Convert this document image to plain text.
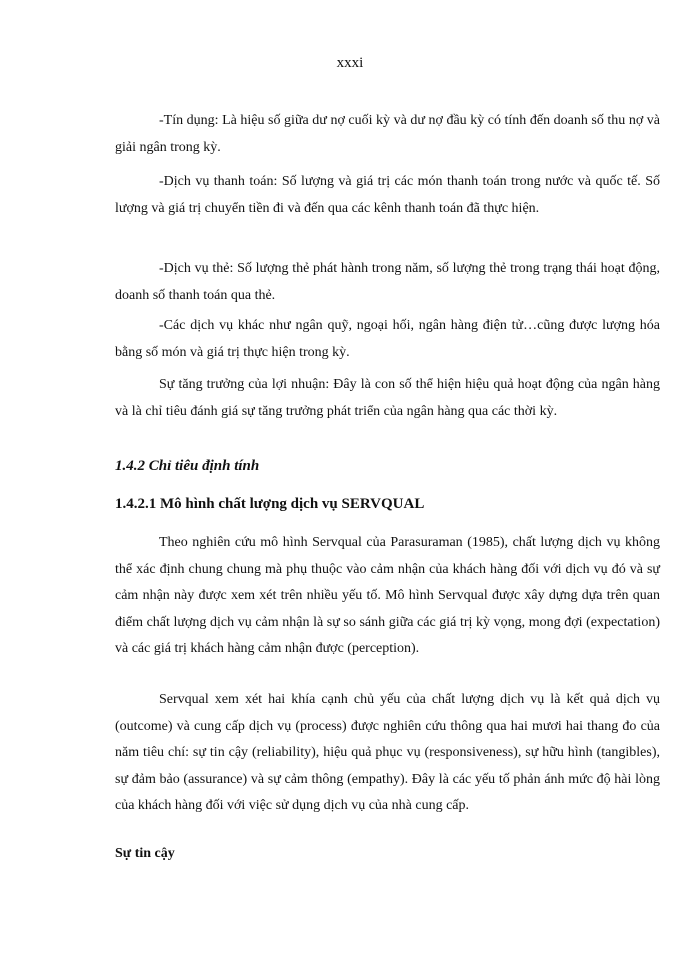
xxxi

-Tín dụng: Là hiệu số giữa dư nợ cuối kỳ và dư nợ đầu kỳ có tính đến doanh số thu nợ và giải ngân trong kỳ.

-Dịch vụ thanh toán: Số lượng và giá trị các món thanh toán trong nước và quốc tế. Số lượng và giá trị chuyển tiền đi và đến qua các kênh thanh toán đã thực hiện.

-Dịch vụ thẻ: Số lượng thẻ phát hành trong năm, số lượng thẻ trong trạng thái hoạt động, doanh số thanh toán qua thẻ.

-Các dịch vụ khác như ngân quỹ, ngoại hối, ngân hàng điện tử…cũng được lượng hóa bằng số món và giá trị thực hiện trong kỳ.

Sự tăng trưởng của lợi nhuận: Đây là con số thể hiện hiệu quả hoạt động của ngân hàng và là chỉ tiêu đánh giá sự tăng trưởng phát triển của ngân hàng qua các thời kỳ.

1.4.2 Chỉ tiêu định tính
1.4.2.1 Mô hình chất lượng dịch vụ SERVQUAL

Theo nghiên cứu mô hình Servqual của Parasuraman (1985), chất lượng dịch vụ không thể xác định chung chung mà phụ thuộc vào cảm nhận của khách hàng đối với dịch vụ đó và sự cảm nhận này được xem xét trên nhiều yếu tố. Mô hình Servqual được xây dựng dựa trên quan điểm chất lượng dịch vụ cảm nhận là sự so sánh giữa các giá trị kỳ vọng, mong đợi (expectation) và các giá trị khách hàng cảm nhận được (perception).

Servqual xem xét hai khía cạnh chủ yếu của chất lượng dịch vụ là kết quả dịch vụ (outcome) và cung cấp dịch vụ (process) được nghiên cứu thông qua hai mươi hai thang đo của năm tiêu chí: sự tin cậy (reliability), hiệu quả phục vụ (responsiveness), sự hữu hình (tangibles), sự đảm bảo (assurance) và sự cảm thông (empathy). Đây là các yếu tố phản ánh mức độ hài lòng của khách hàng đối với việc sử dụng dịch vụ của nhà cung cấp.

Sự tin cậy
